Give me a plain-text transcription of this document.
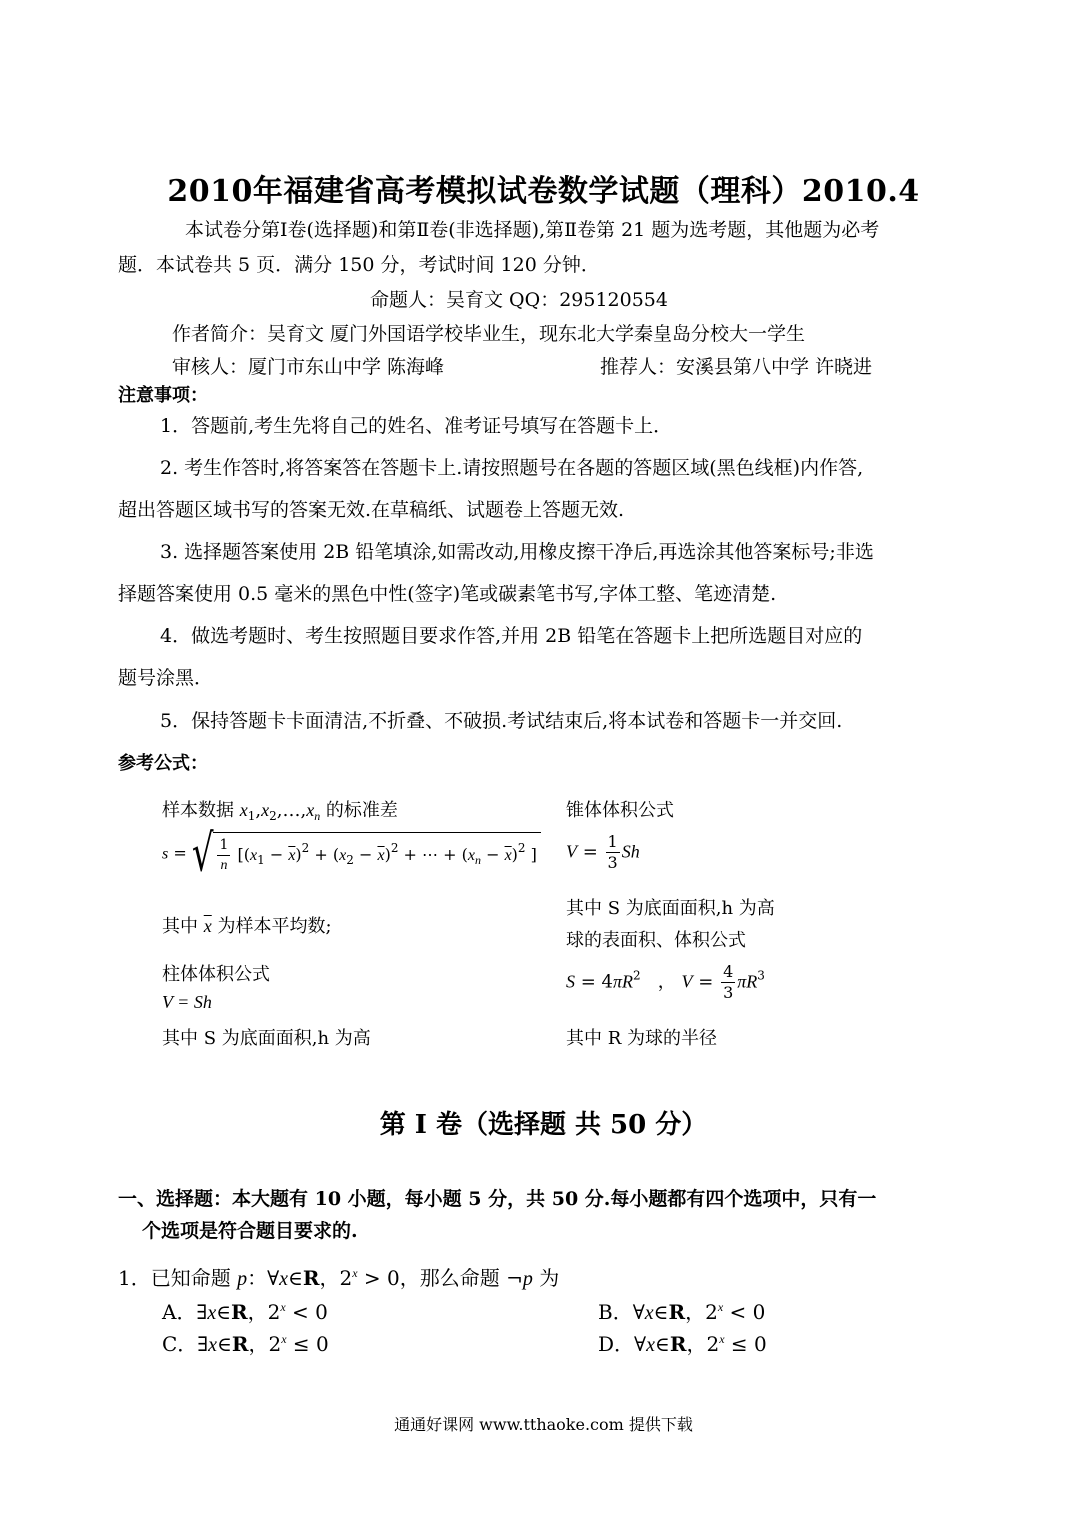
2010年福建省高考模拟试卷数学试题（理科）2010.4
本试卷分第Ⅰ卷(选择题)和第Ⅱ卷(非选择题),第Ⅱ卷第 21 题为选考题，其他题为必考
题．本试卷共 5 页．满分 150 分，考试时间 120 分钟．
命题人：吴育文 QQ：295120554
作者简介：吴育文 厦门外国语学校毕业生，现东北大学秦皇岛分校大一学生
审核人：厦门市东山中学 陈海峰	推荐人：安溪县第八中学 许晓进
注意事项：
1．答题前,考生先将自己的姓名、准考证号填写在答题卡上．
2. 考生作答时,将答案答在答题卡上.请按照题号在各题的答题区域(黑色线框)内作答,
超出答题区域书写的答案无效.在草稿纸、试题卷上答题无效.
3. 选择题答案使用 2B 铅笔填涂,如需改动,用橡皮擦干净后,再选涂其他答案标号;非选
择题答案使用 0.5 毫米的黑色中性(签字)笔或碳素笔书写,字体工整、笔迹清楚.
4．做选考题时、考生按照题目要求作答,并用 2B 铅笔在答题卡上把所选题目对应的
题号涂黑．
5．保持答题卡卡面清洁,不折叠、不破损.考试结束后,将本试卷和答题卡一并交回.
参考公式：
样本数据 $x_1,x_2,\dots,x_n$ 的标准差
s = √ $\frac{1}{n} [(x_1 - \overline{x})^2 + (x_2 - \overline{x})^2$ + ⋯ + $(x_n - \overline{x})^2$ ]
其中 $\overline{x}$ 为样本平均数;
柱体体积公式
V = Sh
其中 S 为底面面积,h 为高
锥体体积公式
$V = \frac{1}{3}$ Sh
其中 S 为底面面积,h 为高
球的表面积、体积公式
$S = 4\pi R^2$   ， $V = \frac{4}{3} \pi R^3$
其中 R 为球的半径
第 I 卷（选择题 共 50 分）
一、选择题：本大题有 10 小题，每小题 5 分，共 50 分.每小题都有四个选项中，只有一
个选项是符合题目要求的.
1．已知命题 p：∀x∈R，$2^x > 0$，那么命题 ¬p 为
A．∃x∈R，$2^x < 0$	B．∀x∈R，$2^x < 0$
C．∃x∈R，$2^x \le 0$	D．∀x∈R，$2^x \le 0$
通通好课网 www.tthaoke.com 提供下载
